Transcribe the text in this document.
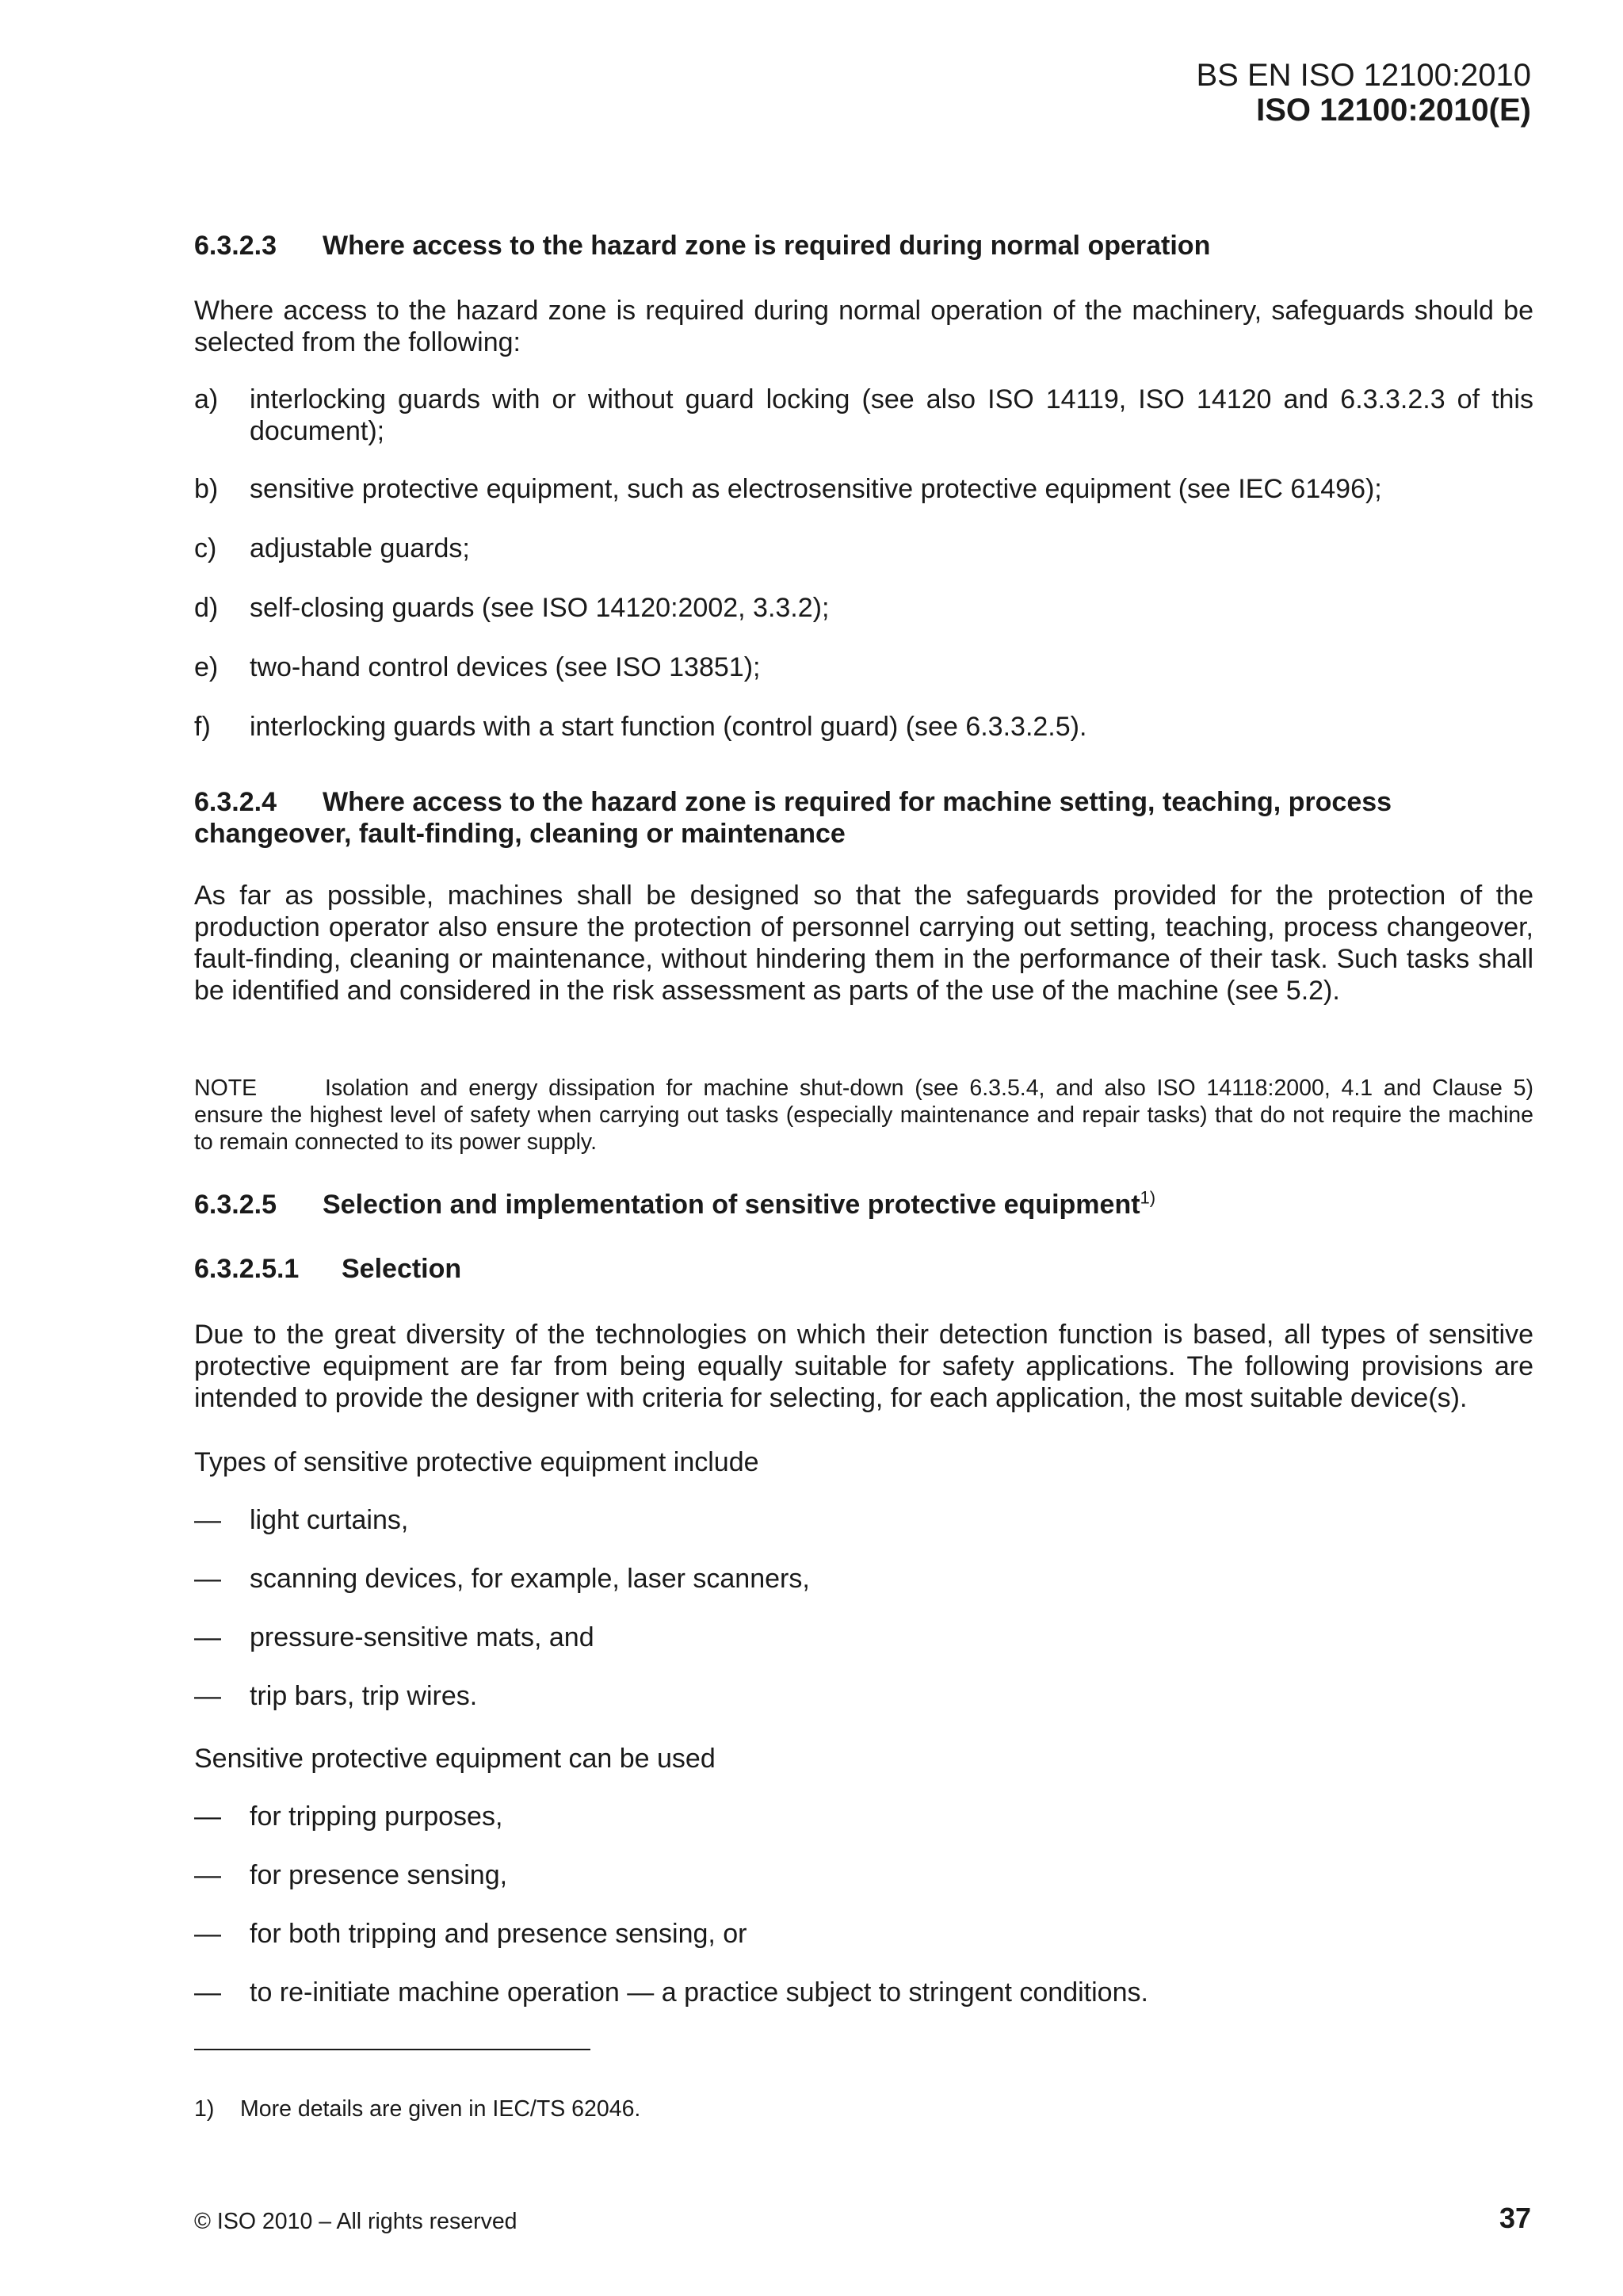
BS EN ISO 12100:2010
ISO 12100:2010(E)
6.3.2.3 Where access to the hazard zone is required during normal operation
Where access to the hazard zone is required during normal operation of the machinery, safeguards should be selected from the following:
a)	interlocking guards with or without guard locking (see also ISO 14119, ISO 14120 and 6.3.3.2.3 of this document);
b)	sensitive protective equipment, such as electrosensitive protective equipment (see IEC 61496);
c)	adjustable guards;
d)	self-closing guards (see ISO 14120:2002, 3.3.2);
e)	two-hand control devices (see ISO 13851);
f)	interlocking guards with a start function (control guard) (see 6.3.3.2.5).
6.3.2.4 Where access to the hazard zone is required for machine setting, teaching, process changeover, fault-finding, cleaning or maintenance
As far as possible, machines shall be designed so that the safeguards provided for the protection of the production operator also ensure the protection of personnel carrying out setting, teaching, process changeover, fault-finding, cleaning or maintenance, without hindering them in the performance of their task. Such tasks shall be identified and considered in the risk assessment as parts of the use of the machine (see 5.2).
NOTE	Isolation and energy dissipation for machine shut-down (see 6.3.5.4, and also ISO 14118:2000, 4.1 and Clause 5) ensure the highest level of safety when carrying out tasks (especially maintenance and repair tasks) that do not require the machine to remain connected to its power supply.
6.3.2.5 Selection and implementation of sensitive protective equipment$^{1)}$
6.3.2.5.1 Selection
Due to the great diversity of the technologies on which their detection function is based, all types of sensitive protective equipment are far from being equally suitable for safety applications. The following provisions are intended to provide the designer with criteria for selecting, for each application, the most suitable device(s).
Types of sensitive protective equipment include
—	light curtains,
—	scanning devices, for example, laser scanners,
—	pressure-sensitive mats, and
—	trip bars, trip wires.
Sensitive protective equipment can be used
—	for tripping purposes,
—	for presence sensing,
—	for both tripping and presence sensing, or
—	to re-initiate machine operation — a practice subject to stringent conditions.
1) More details are given in IEC/TS 62046.
© ISO 2010 – All rights reserved	37
